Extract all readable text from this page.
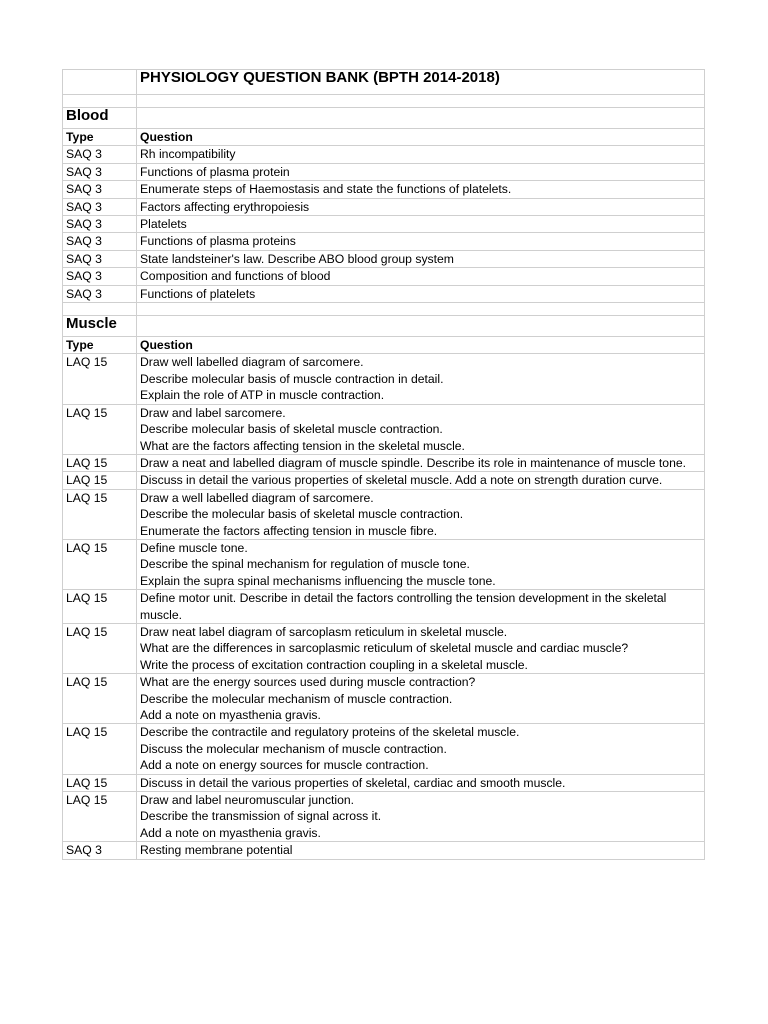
	PHYSIOLOGY QUESTION BANK (BPTH 2014-2018)

Blood	
Type	Question
SAQ 3	Rh incompatibility
SAQ 3	Functions of plasma protein
SAQ 3	Enumerate steps of Haemostasis and state the functions of platelets.
SAQ 3	Factors affecting erythropoiesis
SAQ 3	Platelets
SAQ 3	Functions of plasma proteins
SAQ 3	State landsteiner's law. Describe ABO blood group system
SAQ 3	Composition and functions of blood
SAQ 3	Functions of platelets

Muscle	
Type	Question
LAQ 15	Draw well labelled diagram of sarcomere.
Describe molecular basis of muscle contraction in detail.
Explain the role of ATP in muscle contraction.
LAQ 15	Draw and label sarcomere.
Describe molecular basis of skeletal muscle contraction.
What are the factors affecting tension in the skeletal muscle.
LAQ 15	Draw a neat and labelled diagram of muscle spindle. Describe its role in maintenance of muscle tone.
LAQ 15	Discuss in detail the various properties of skeletal muscle. Add a note on strength duration curve.
LAQ 15	Draw a well labelled diagram of sarcomere.
Describe the molecular basis of skeletal muscle contraction.
Enumerate the factors affecting tension in muscle fibre.
LAQ 15	Define muscle tone.
Describe the spinal mechanism for regulation of muscle tone.
Explain the supra spinal mechanisms influencing the muscle tone.
LAQ 15	Define motor unit. Describe in detail the factors controlling the tension development in the skeletal muscle.
LAQ 15	Draw neat label diagram of sarcoplasm reticulum in skeletal muscle.
What are the differences in sarcoplasmic reticulum of skeletal muscle and cardiac muscle?
Write the process of excitation contraction coupling in a skeletal muscle.
LAQ 15	What are the energy sources used during muscle contraction?
Describe the molecular mechanism of muscle contraction.
Add a note on myasthenia gravis.
LAQ 15	Describe the contractile and regulatory proteins of the skeletal muscle.
Discuss the molecular mechanism of muscle contraction.
Add a note on energy sources for muscle contraction.
LAQ 15	Discuss in detail the various properties of skeletal, cardiac and smooth muscle.
LAQ 15	Draw and label neuromuscular junction.
Describe the transmission of signal across it.
Add a note on myasthenia gravis.
SAQ 3	Resting membrane potential
